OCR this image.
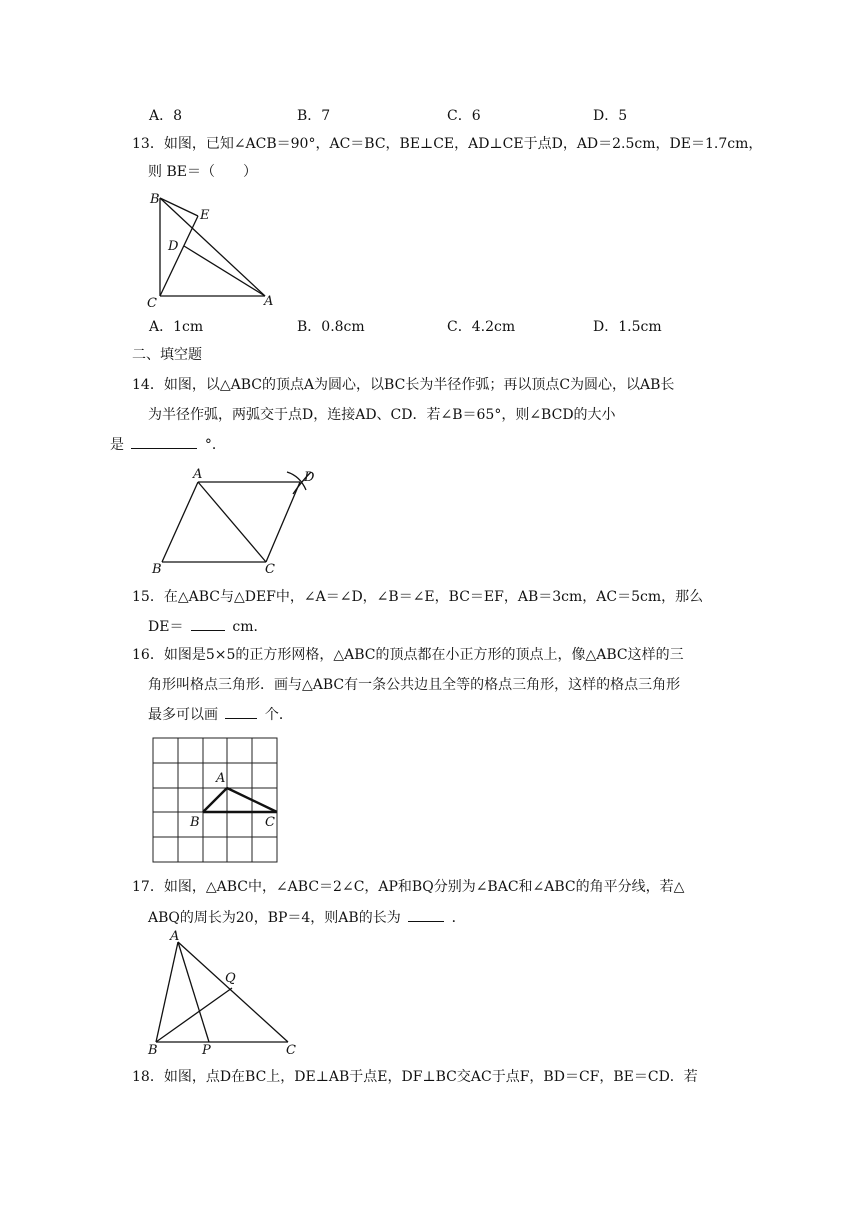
A．8	B．7	C．6	D．5
13．如图，已知∠ACB＝90°，AC＝BC，BE⊥CE，AD⊥CE于点D，AD＝2.5cm，DE＝1.7cm，
则 BE＝（　　）
B
E
D
C	A
A．1cm	B．0.8cm	C．4.2cm	D．1.5cm
二、填空题
14．如图，以△ABC的顶点A为圆心，以BC长为半径作弧；再以顶点C为圆心，以AB长
为半径作弧，两弧交于点D，连接AD、CD．若∠B＝65°，则∠BCD的大小
是	°．
A	D
B	C
15．在△ABC与△DEF中，∠A＝∠D，∠B＝∠E，BC＝EF，AB＝3cm，AC＝5cm，那么
DE＝	cm．
16．如图是5×5的正方形网格，△ABC的顶点都在小正方形的顶点上，像△ABC这样的三
角形叫格点三角形．画与△ABC有一条公共边且全等的格点三角形，这样的格点三角形
最多可以画	个．
A
B	C
17．如图，△ABC中，∠ABC＝2∠C，AP和BQ分别为∠BAC和∠ABC的角平分线，若△
ABQ的周长为20，BP＝4，则AB的长为	．
A
Q
B	P	C
18．如图，点D在BC上，DE⊥AB于点E，DF⊥BC交AC于点F，BD＝CF，BE＝CD．若
